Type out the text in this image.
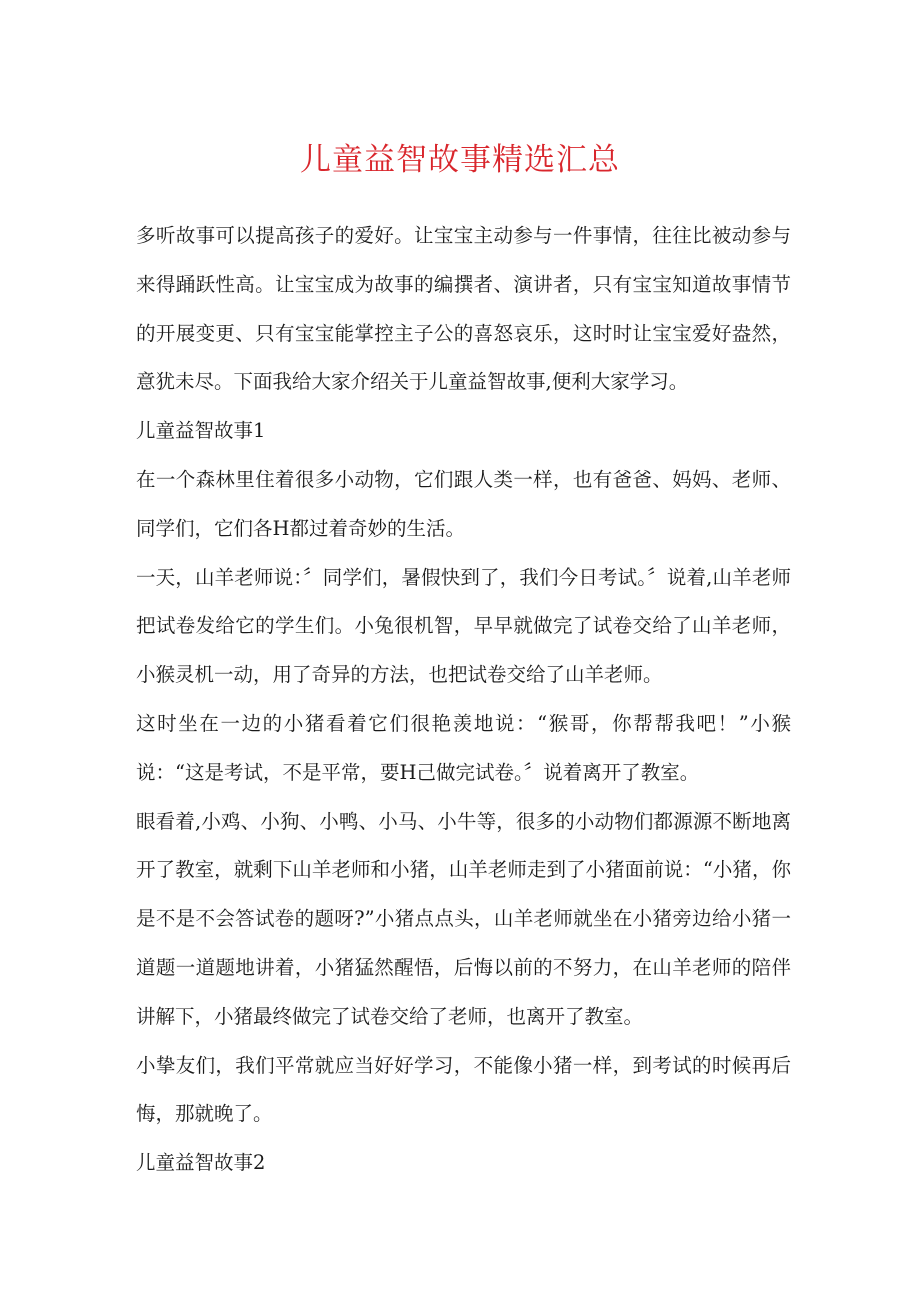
儿童益智故事精选汇总

多听故事可以提高孩子的爱好。让宝宝主动参与一件事情，往往比被动参与来得踊跃性高。让宝宝成为故事的编撰者、演讲者，只有宝宝知道故事情节的开展变更、只有宝宝能掌控主子公的喜怒哀乐，这时时让宝宝爱好盎然，意犹未尽。下面我给大家介绍关于儿童益智故事,便利大家学习。

儿童益智故事1

在一个森林里住着很多小动物，它们跟人类一样，也有爸爸、妈妈、老师、同学们，它们各H都过着奇妙的生活。

一天，山羊老师说：〞同学们，暑假快到了，我们今日考试。〞说着,山羊老师把试卷发给它的学生们。小兔很机智，早早就做完了试卷交给了山羊老师，小猴灵机一动，用了奇异的方法，也把试卷交给了山羊老师。

这时坐在一边的小猪看着它们很艳羡地说：“猴哥，你帮帮我吧！”小猴说：“这是考试，不是平常，要H己做完试卷。〞说着离开了教室。

眼看着,小鸡、小狗、小鸭、小马、小牛等，很多的小动物们都源源不断地离开了教室，就剩下山羊老师和小猪，山羊老师走到了小猪面前说：“小猪，你是不是不会答试卷的题呀?”小猪点点头，山羊老师就坐在小猪旁边给小猪一道题一道题地讲着，小猪猛然醒悟，后悔以前的不努力，在山羊老师的陪伴讲解下，小猪最终做完了试卷交给了老师，也离开了教室。

小挚友们，我们平常就应当好好学习，不能像小猪一样，到考试的时候再后悔，那就晚了。

儿童益智故事2
